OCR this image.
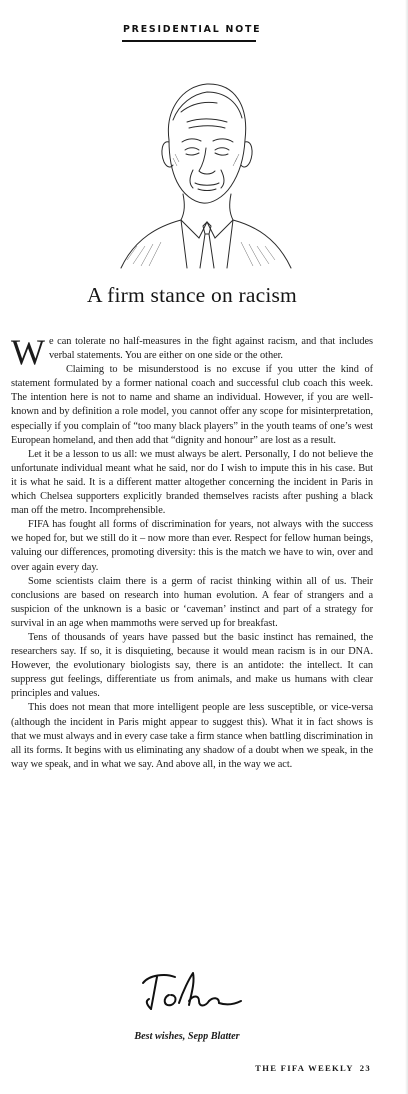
PRESIDENTIAL NOTE
A firm stance on racism

We can tolerate no half-measures in the fight against racism, and that includes verbal statements. You are either on one side or the other.

Claiming to be misunderstood is no excuse if you utter the kind of statement formulated by a former national coach and successful club coach this week. The intention here is not to name and shame an individual. However, if you are well-known and by definition a role model, you cannot offer any scope for misinterpretation, especially if you complain of “too many black players” in the youth teams of one’s west European homeland, and then add that “dignity and honour” are lost as a result.

Let it be a lesson to us all: we must always be alert. Personally, I do not believe the unfortunate individual meant what he said, nor do I wish to impute this in his case. But it is what he said. It is a different matter altogether concerning the incident in Paris in which Chelsea supporters explicitly branded themselves racists after pushing a black man off the metro. Incomprehensible.

FIFA has fought all forms of discrimination for years, not always with the success we hoped for, but we still do it – now more than ever. Respect for fellow human beings, valuing our differences, promoting diversity: this is the match we have to win, over and over again every day.

Some scientists claim there is a germ of racist thinking within all of us. Their conclusions are based on research into human evolution. A fear of strangers and a suspicion of the unknown is a basic or ‘caveman’ instinct and part of a strategy for survival in an age when mammoths were served up for breakfast.

Tens of thousands of years have passed but the basic instinct has remained, the researchers say. If so, it is disquieting, because it would mean racism is in our DNA. However, the evolutionary biologists say, there is an antidote: the intellect. It can suppress gut feelings, differentiate us from animals, and make us humans with clear principles and values.

This does not mean that more intelligent people are less susceptible, or vice-versa (although the incident in Paris might appear to suggest this). What it in fact shows is that we must always and in every case take a firm stance when battling discrimination in all its forms. It begins with us eliminating any shadow of a doubt when we speak, in the way we speak, and in what we say. And above all, in the way we act.

Best wishes, Sepp Blatter
THE FIFA WEEKLY 23
